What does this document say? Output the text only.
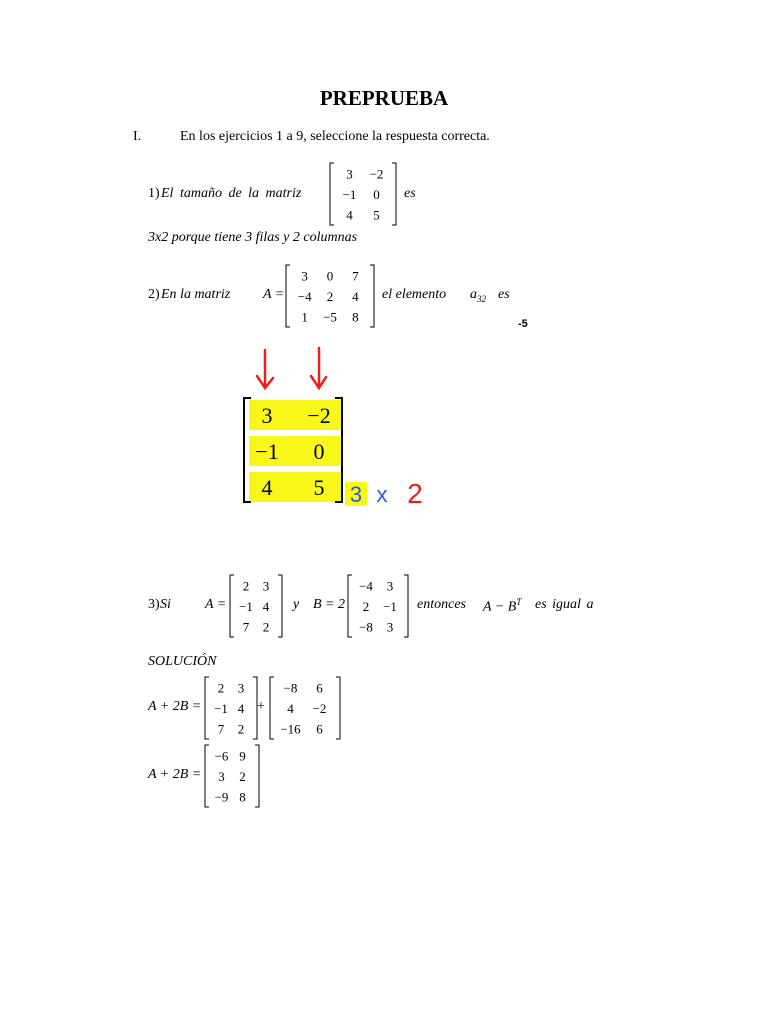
PREPRUEBA
I.	En los ejercicios 1 a 9, seleccione la respuesta correcta.
1) El tamaño de la matriz
3 −2
−1 0
4 5
es
3x2 porque tiene 3 filas y 2 columnas
2) En la matriz A =
3 0 7
−4 2 4
1 −5 8
el elemento $a_{32}$ es
-5
3 −2
−1 0
4 5 3 x 2
3) Si A =
2 3
−1 4
7 2
y B = 2
−4 3
2 −1
−8 3
entonces $A - B^T$ es igual a
SOLUCIÓN
A + 2B =
2 3
−1 4
7 2
+
−8 6
4 −2
−16 6
A + 2B =
−6 9
3 2
−9 8
